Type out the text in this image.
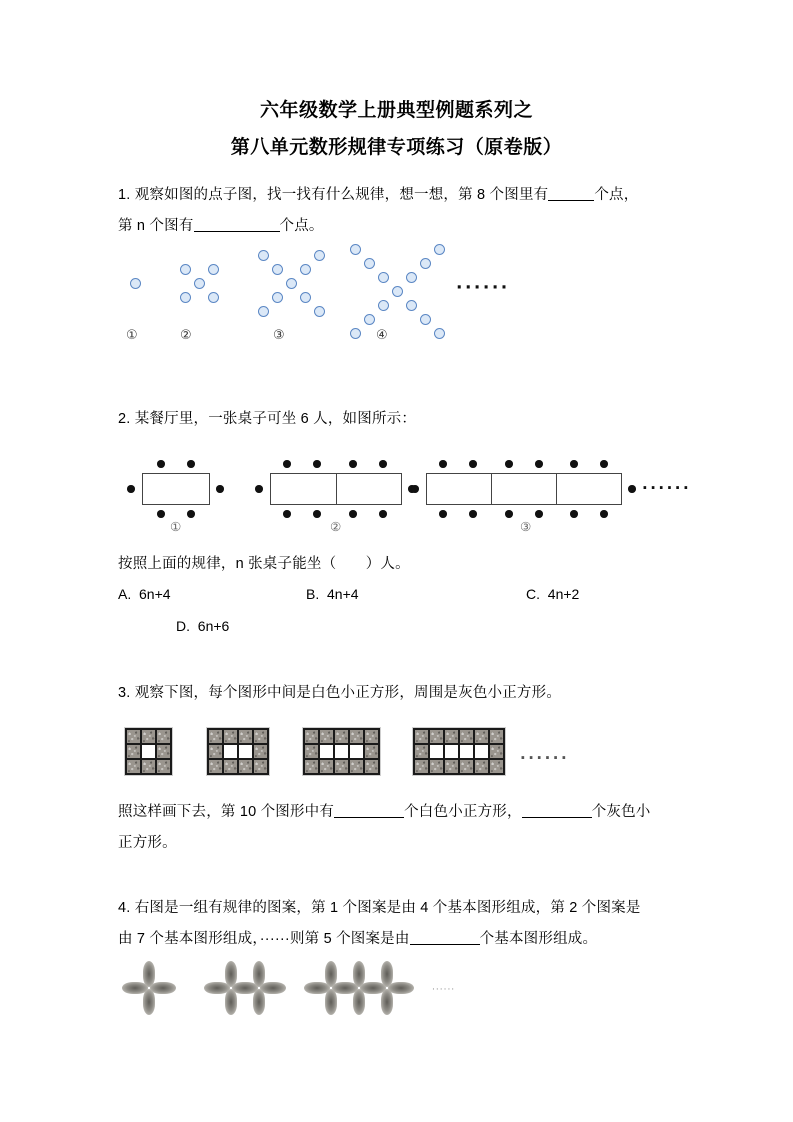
六年级数学上册典型例题系列之
第八单元数形规律专项练习（原卷版）
1. 观察如图的点子图，找一找有什么规律，想一想，第 8 个图里有	个点，
第 n 个图有	个点。
······
①	②	③	④
2. 某餐厅里，一张桌子可坐 6 人，如图所示：
······
①	②	③
按照上面的规律，n 张桌子能坐（　　）人。
A. 6n+4	B. 4n+4	C. 4n+2
D. 6n+6
3. 观察下图，每个图形中间是白色小正方形，周围是灰色小正方形。
······
照这样画下去，第 10 个图形中有	个白色小正方形，	个灰色小
正方形。
4. 右图是一组有规律的图案，第 1 个图案是由 4 个基本图形组成，第 2 个图案是
由 7 个基本图形组成，······则第 5 个图案是由	个基本图形组成。
······
